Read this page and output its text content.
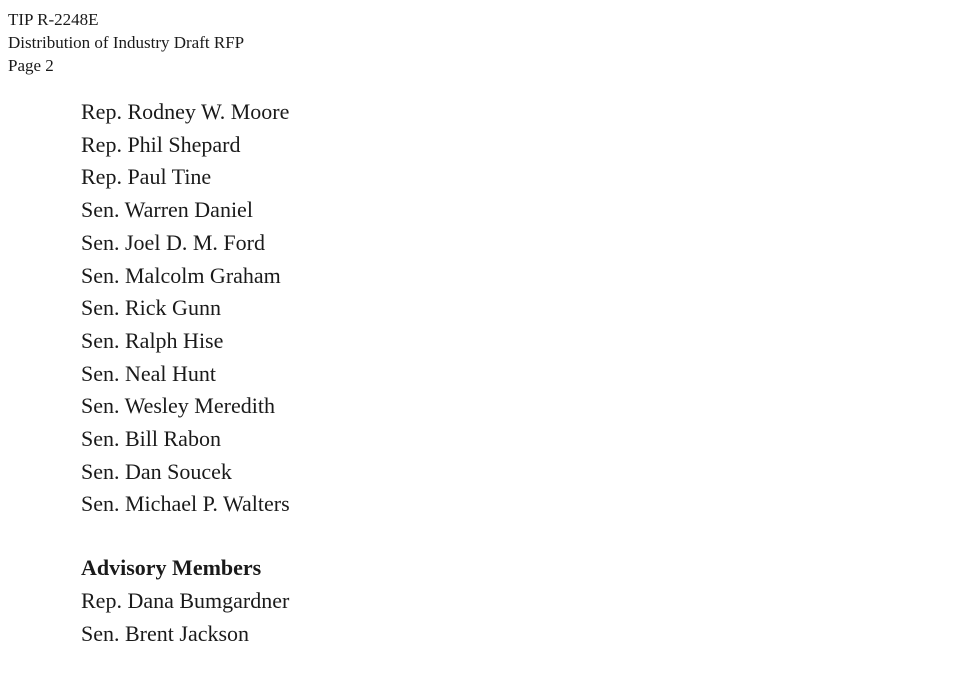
TIP R-2248E
Distribution of Industry Draft RFP
Page 2
Rep. Rodney W. Moore
Rep. Phil Shepard
Rep. Paul Tine
Sen. Warren Daniel
Sen. Joel D. M. Ford
Sen. Malcolm Graham
Sen. Rick Gunn
Sen. Ralph Hise
Sen. Neal Hunt
Sen. Wesley Meredith
Sen. Bill Rabon
Sen. Dan Soucek
Sen. Michael P. Walters
Advisory Members
Rep. Dana Bumgardner
Sen. Brent Jackson
